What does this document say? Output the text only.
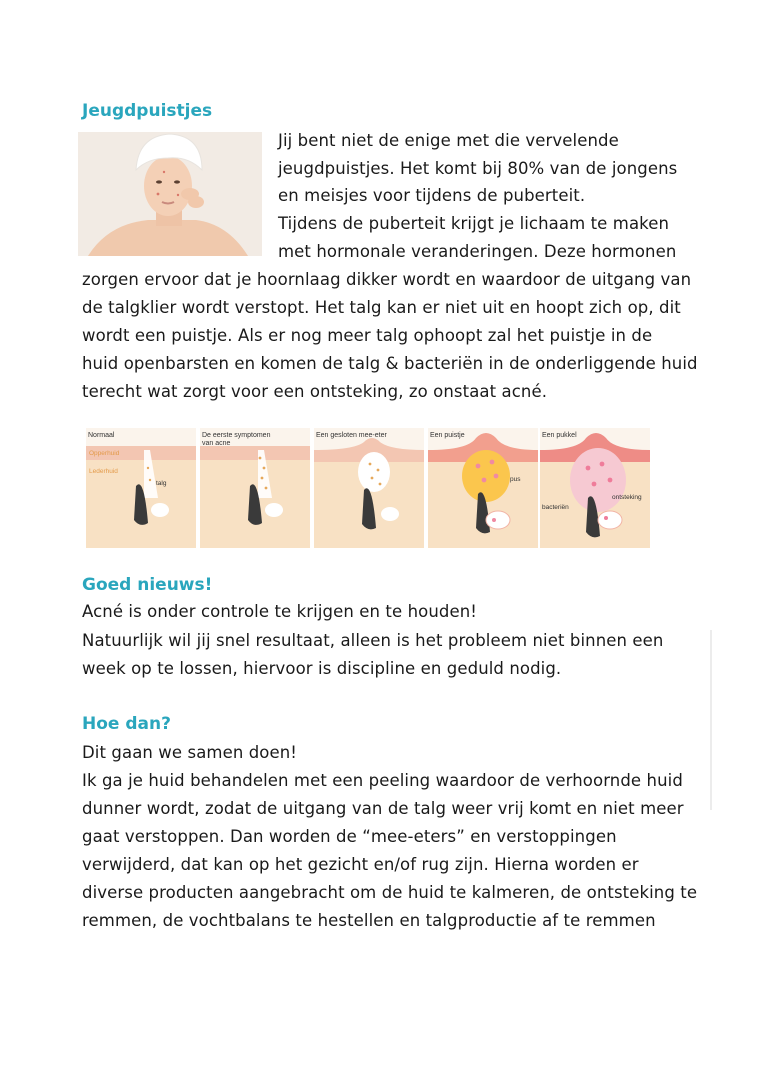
Jeugdpuistjes
Jij bent niet de enige met die vervelende
jeugdpuistjes. Het komt bij 80% van de jongens
en meisjes voor tijdens de puberteit.
Tijdens de puberteit krijgt je lichaam te maken
met hormonale veranderingen. Deze hormonen
zorgen ervoor dat je hoornlaag dikker wordt en waardoor de uitgang van
de talgklier wordt verstopt. Het talg kan er niet uit en hoopt zich op, dit
wordt een puistje. Als er nog meer talg ophoopt zal het puistje in de
huid openbarsten en komen de talg & bacteriën in de onderliggende huid
terecht wat zorgt voor een ontsteking, zo onstaat acné.
Normaal
Opperhuid
Lederhuid
talg
De eerste symptomen
van acne
Een gesloten mee-eter	Een puistje
pus
Een pukkel
bacteriën
ontsteking
Goed nieuws!
Acné is onder controle te krijgen en te houden!
Natuurlijk wil jij snel resultaat, alleen is het probleem niet binnen een
week op te lossen, hiervoor is discipline en geduld nodig.
Hoe dan?
Dit gaan we samen doen!
Ik ga je huid behandelen met een peeling waardoor de verhoornde huid
dunner wordt, zodat de uitgang van de talg weer vrij komt en niet meer
gaat verstoppen. Dan worden de “mee-eters” en verstoppingen
verwijderd, dat kan op het gezicht en/of rug zijn. Hierna worden er
diverse producten aangebracht om de huid te kalmeren, de ontsteking te
remmen, de vochtbalans te hestellen en talgproductie af te remmen
